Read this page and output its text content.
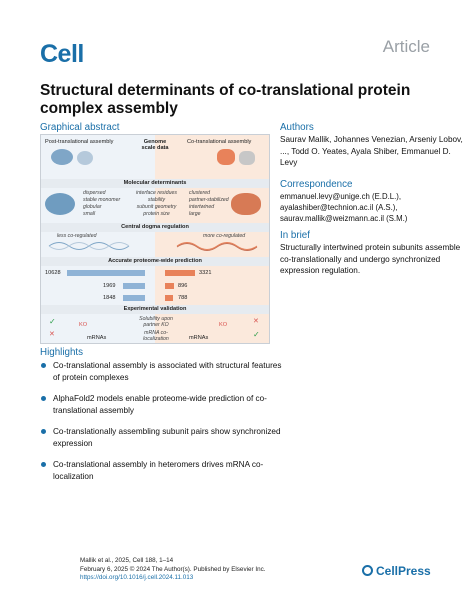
Cell	Article
Structural determinants of co-translational protein complex assembly
Graphical abstract
Post-translational assembly	Genome scale data
Co-translational assembly
Molecular determinants
dispersed
stable monomer
globular
small
interface residues
stability
subunit geometry
protein size
clustered
partner-stabilized
intertwined
large
Central dogma regulation
less co-regulated	more co-regulated
Accurate proteome-wide prediction
10628
1969
1848
3321
896
788
Experimental validation
✓
✕
✕
✓
KO	KO
Solubility upon partner KO
mRNA co-localization
mRNAs	mRNAs
Authors
Saurav Mallik, Johannes Venezian, Arseniy Lobov, ..., Todd O. Yeates, Ayala Shiber, Emmanuel D. Levy
Correspondence
emmanuel.levy@unige.ch (E.D.L.),
ayalashiber@technion.ac.il (A.S.),
saurav.mallik@weizmann.ac.il (S.M.)
In brief
Structurally intertwined protein subunits assemble co-translationally and undergo synchronized expression regulation.
Highlights
Co-translational assembly is associated with structural features of protein complexes
AlphaFold2 models enable proteome-wide prediction of co-translational assembly
Co-translationally assembling subunit pairs show synchronized expression
Co-translational assembly in heteromers drives mRNA co-localization
Mallik et al., 2025, Cell 188, 1–14
February 6, 2025 © 2024 The Author(s). Published by Elsevier Inc.
https://doi.org/10.1016/j.cell.2024.11.013	CellPress
